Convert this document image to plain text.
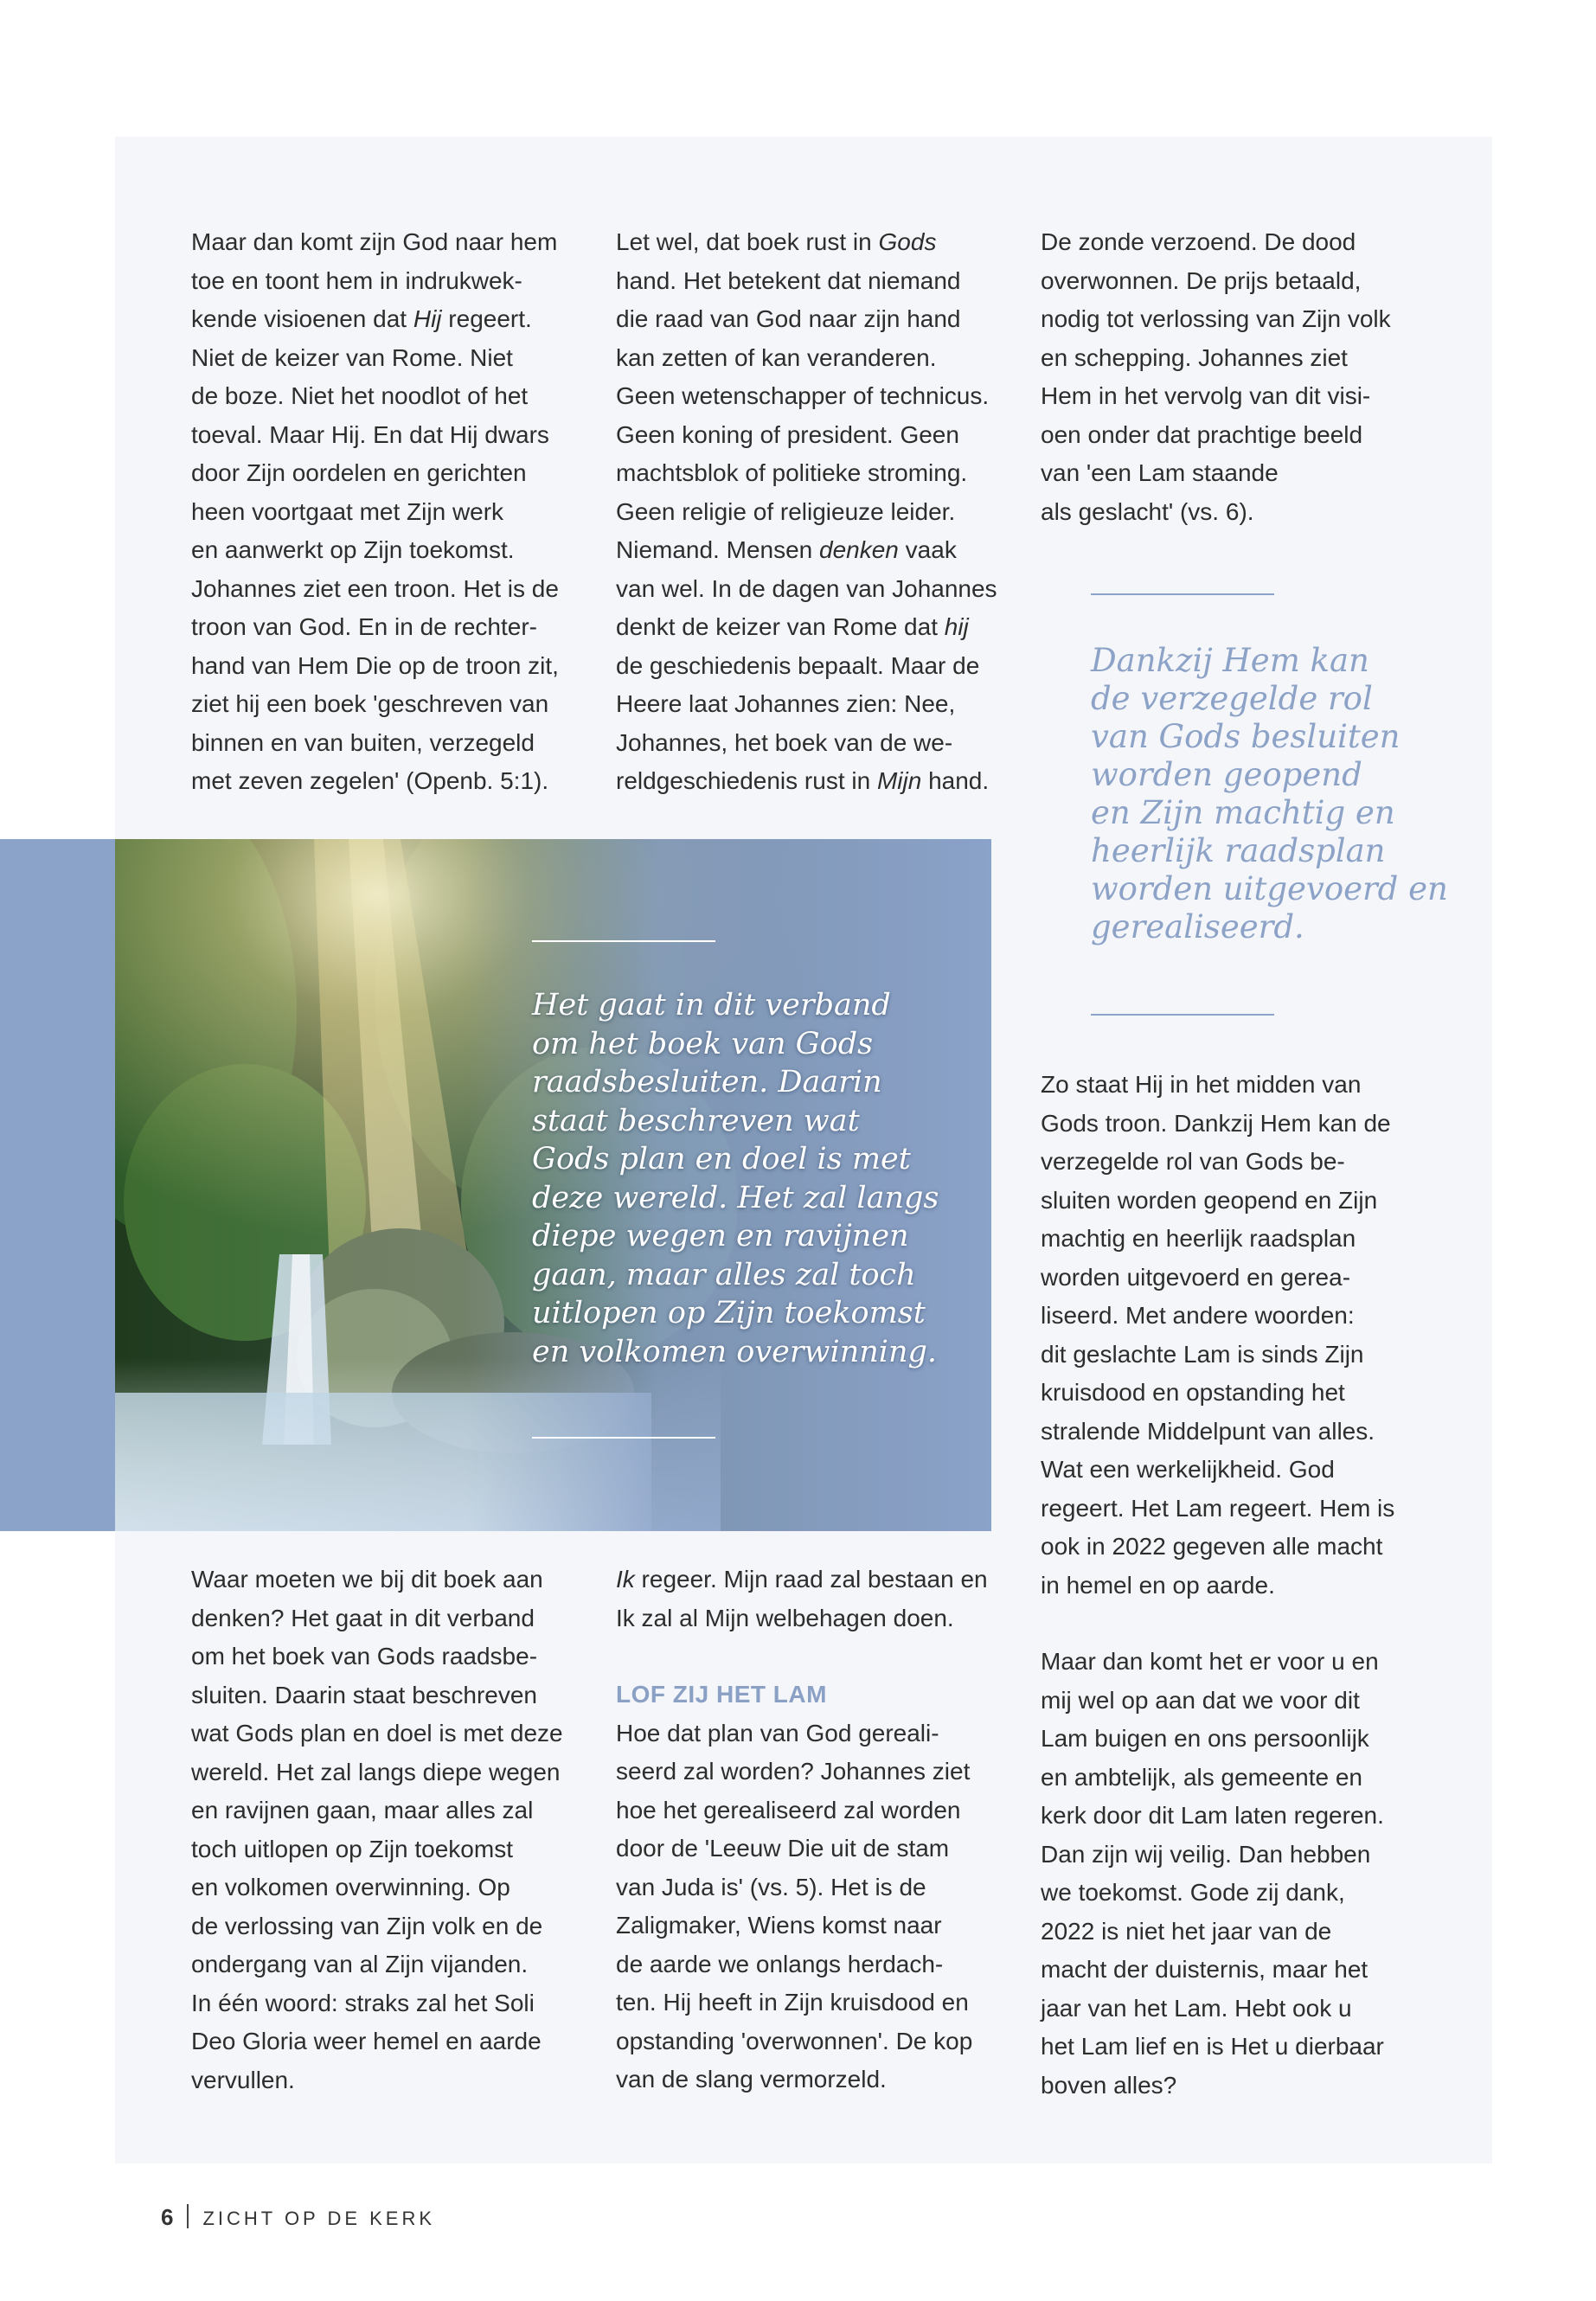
Maar dan komt zijn God naar hem
toe en toont hem in indrukwek-
kende visioenen dat Hij regeert.
Niet de keizer van Rome. Niet
de boze. Niet het noodlot of het
toeval. Maar Hij. En dat Hij dwars
door Zijn oordelen en gerichten
heen voortgaat met Zijn werk
en aanwerkt op Zijn toekomst.
Johannes ziet een troon. Het is de
troon van God. En in de rechter-
hand van Hem Die op de troon zit,
ziet hij een boek 'geschreven van
binnen en van buiten, verzegeld
met zeven zegelen' (Openb. 5:1).

Let wel, dat boek rust in Gods
hand. Het betekent dat niemand
die raad van God naar zijn hand
kan zetten of kan veranderen.
Geen wetenschapper of technicus.
Geen koning of president. Geen
machtsblok of politieke stroming.
Geen religie of religieuze leider.
Niemand. Mensen denken vaak
van wel. In de dagen van Johannes
denkt de keizer van Rome dat hij
de geschiedenis bepaalt. Maar de
Heere laat Johannes zien: Nee,
Johannes, het boek van de we-
reldgeschiedenis rust in Mijn hand.

De zonde verzoend. De dood
overwonnen. De prijs betaald,
nodig tot verlossing van Zijn volk
en schepping. Johannes ziet
Hem in het vervolg van dit visi-
oen onder dat prachtige beeld
van 'een Lam staande
als geslacht' (vs. 6).

Dankzij Hem kan
de verzegelde rol
van Gods besluiten
worden geopend
en Zijn machtig en
heerlijk raadsplan
worden uitgevoerd en
gerealiseerd.
Het gaat in dit verband
om het boek van Gods
raadsbesluiten. Daarin
staat beschreven wat
Gods plan en doel is met
deze wereld. Het zal langs
diepe wegen en ravijnen
gaan, maar alles zal toch
uitlopen op Zijn toekomst
en volkomen overwinning.

Zo staat Hij in het midden van
Gods troon. Dankzij Hem kan de
verzegelde rol van Gods be-
sluiten worden geopend en Zijn
machtig en heerlijk raadsplan
worden uitgevoerd en gerea-
liseerd. Met andere woorden:
dit geslachte Lam is sinds Zijn
kruisdood en opstanding het
stralende Middelpunt van alles.
Wat een werkelijkheid. God
regeert. Het Lam regeert. Hem is
ook in 2022 gegeven alle macht
in hemel en op aarde.

Maar dan komt het er voor u en
mij wel op aan dat we voor dit
Lam buigen en ons persoonlijk
en ambtelijk, als gemeente en
kerk door dit Lam laten regeren.
Dan zijn wij veilig. Dan hebben
we toekomst. Gode zij dank,
2022 is niet het jaar van de
macht der duisternis, maar het
jaar van het Lam. Hebt ook u
het Lam lief en is Het u dierbaar
boven alles?

Waar moeten we bij dit boek aan
denken? Het gaat in dit verband
om het boek van Gods raadsbe-
sluiten. Daarin staat beschreven
wat Gods plan en doel is met deze
wereld. Het zal langs diepe wegen
en ravijnen gaan, maar alles zal
toch uitlopen op Zijn toekomst
en volkomen overwinning. Op
de verlossing van Zijn volk en de
ondergang van al Zijn vijanden.
In één woord: straks zal het Soli
Deo Gloria weer hemel en aarde
vervullen.

Ik regeer. Mijn raad zal bestaan en
Ik zal al Mijn welbehagen doen.

LOF ZIJ HET LAM

Hoe dat plan van God gereali-
seerd zal worden? Johannes ziet
hoe het gerealiseerd zal worden
door de 'Leeuw Die uit de stam
van Juda is' (vs. 5). Het is de
Zaligmaker, Wiens komst naar
de aarde we onlangs herdach-
ten. Hij heeft in Zijn kruisdood en
opstanding 'overwonnen'. De kop
van de slang vermorzeld.

6 ZICHT OP DE KERK
